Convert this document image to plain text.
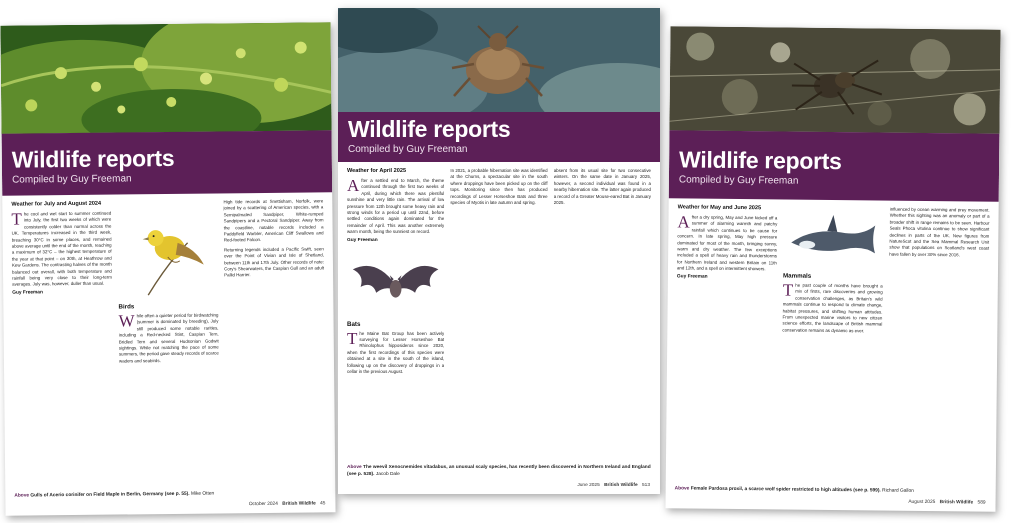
Wildlife reports
Compiled by Guy Freeman
Weather for July and August 2024
The cool and wet start to summer continued into July, the first two weeks of which were consistently colder than normal across the UK. Temperatures increased in the third week, breaching 30°C in some places, and remained above average until the end of the month, reaching a maximum of 32°C – the highest temperature of the year at that point – on 30th, at Heathrow and Kew Gardens. The contrasting halves of the month balanced out overall, with both temperature and rainfall being very close to their long-term averages. July was, however, duller than usual.
Guy Freeman
Birds
While often a quieter period for birdwatching (summer is dominated by breeding), July still produced some notable rarities, including a Red-necked Stint, Caspian Tern, Bridled Tern and several Hudsonian Godwit sightings. While not matching the pace of some summers, the period gave steady records of scarce waders and seabirds.
High tide records at Snettisham, Norfolk, were joined by a scattering of American species, with a Semipalmated Sandpiper, White-rumped Sandpipers and a Pectoral Sandpiper. Away from the coastline, notable records included a Paddyfield Warbler, American Cliff Swallows and Red-footed Falcon.
Returning legends included a Pacific Swift, seen over the Point of Vivian and Isle of Shetland, between 11th and 17th July. Other records of note: Cory's Shearwaters, the Caspian Gull and an adult Pallid Harrier.
Above Gulls of Acerio corinifer on Field Maple in Berlin, Germany (see p. 55). Mike Otten
October 2024 British Wildlife 45
Wildlife reports
Compiled by Guy Freeman
Weather for April 2025
After a settled end to March, the theme continued through the first two weeks of April, during which there was plentiful sunshine and very little rain. The arrival of low pressure from 12th brought some heavy rain and strong winds for a period up until 22nd, before settled conditions again dominated for the remainder of April. This was another extremely warm month, being the sunniest on record.
Guy Freeman
Bats
The Maine Bat Group has been actively surveying for Lesser Horseshoe Bat Rhinolophus hipposideros since 2020, when the first recordings of this species were obtained at a site in the south of the island, following up on the discovery of droppings in a cellar in the previous August.
In 2021, a probable hibernation site was identified at the Churns, a spectacular site in the south where droppings have been picked up on the cliff tops. Monitoring since then has produced recordings of Lesser Horseshoe Bats and three species of Myotis in late autumn and spring.
absent from its usual site for two consecutive winters. On the same date in January 2025, however, a second individual was found in a nearby hibernation site. The latter again produced a record of a Greater Mouse-eared Bat in January 2025.
Above The weevil Xenocnemides vitadabus, an unusual scaly species, has recently been discovered in Northern Ireland and England (see p. 528). Jacob Dale
June 2025 British Wildlife 513
Wildlife reports
Compiled by Guy Freeman
Weather for May and June 2025
After a dry spring, May and June kicked off a summer of alarming warmth and patchy rainfall which continues to be cause for concern. In late spring, May high pressure dominated for most of the month, bringing sunny, warm and dry weather. The few exceptions included a spell of heavy rain and thunderstorms for Northern Ireland and western Britain on 11th and 12th, and a spell on intermittent showers.
Guy Freeman	Mammals
The past couple of months have brought a mix of firsts, rare discoveries and growing conservation challenges, as Britain's wild mammals continue to respond to climate change, habitat pressures, and shifting human attitudes. From unexpected marine visitors to new citizen science efforts, the landscape of British mammal conservation remains as dynamic as ever.
influenced by ocean warming and prey movement. Whether this sighting was an anomaly or part of a broader shift in range remains to be seen. Harbour Seals Phoca vitulina continue to show significant declines in parts of the UK. New figures from NatureScot and the Sea Mammal Research Unit show that populations on Scotland's west coast have fallen by over 30% since 2016.
Above Female Pardosa proxil, a scarce wolf spider restricted to high altitudes (see p. 599). Richard Gallon
August 2025 British Wildlife 589
